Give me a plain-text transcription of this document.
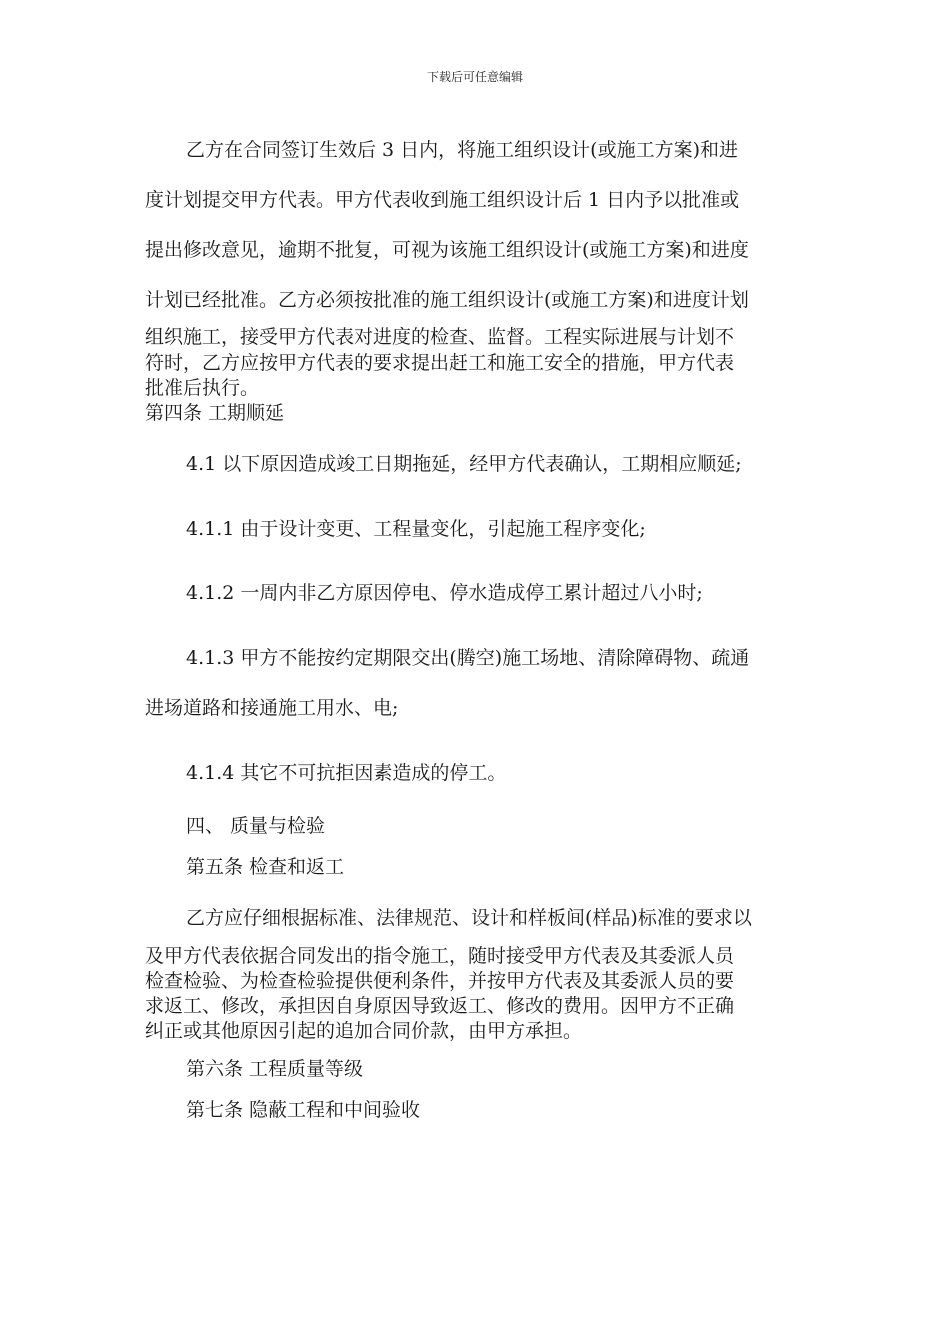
下载后可任意编辑
乙方在合同签订生效后 3 日内，将施工组织设计(或施工方案)和进
度计划提交甲方代表。甲方代表收到施工组织设计后 1 日内予以批准或
提出修改意见，逾期不批复，可视为该施工组织设计(或施工方案)和进度
计划已经批准。乙方必须按批准的施工组织设计(或施工方案)和进度计划
组织施工，接受甲方代表对进度的检查、监督。工程实际进展与计划不
符时，乙方应按甲方代表的要求提出赶工和施工安全的措施，甲方代表
批准后执行。
第四条 工期顺延
4.1 以下原因造成竣工日期拖延，经甲方代表确认，工期相应顺延;
4.1.1 由于设计变更、工程量变化，引起施工程序变化;
4.1.2 一周内非乙方原因停电、停水造成停工累计超过八小时;
4.1.3 甲方不能按约定期限交出(腾空)施工场地、清除障碍物、疏通
进场道路和接通施工用水、电;
4.1.4 其它不可抗拒因素造成的停工。
四、 质量与检验
第五条 检查和返工
乙方应仔细根据标准、法律规范、设计和样板间(样品)标准的要求以
及甲方代表依据合同发出的指令施工，随时接受甲方代表及其委派人员
检查检验、为检查检验提供便利条件，并按甲方代表及其委派人员的要
求返工、修改，承担因自身原因导致返工、修改的费用。因甲方不正确
纠正或其他原因引起的追加合同价款，由甲方承担。
第六条 工程质量等级
第七条 隐蔽工程和中间验收
